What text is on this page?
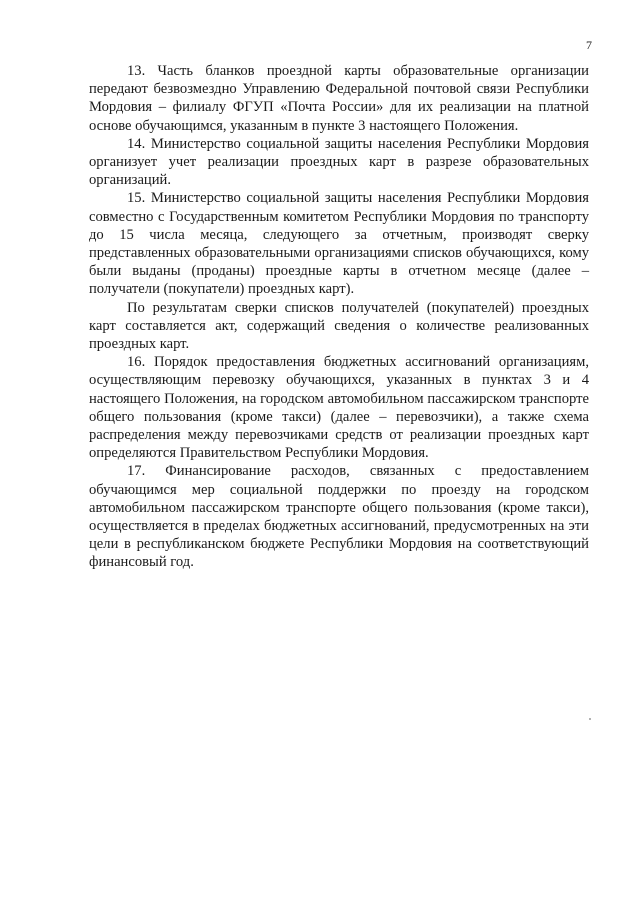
7

13. Часть бланков проездной карты образовательные организации передают безвозмездно Управлению Федеральной почтовой связи Республики Мордовия – филиалу ФГУП «Почта России» для их реализации на платной основе обучающимся, указанным в пункте 3 настоящего Положения.

14. Министерство социальной защиты населения Республики Мордовия организует учет реализации проездных карт в разрезе образовательных организаций.

15. Министерство социальной защиты населения Республики Мордовия совместно с Государственным комитетом Республики Мордовия по транспорту до 15 числа месяца, следующего за отчетным, производят сверку представленных образовательными организациями списков обучающихся, кому были выданы (проданы) проездные карты в отчетном месяце (далее – получатели (покупатели) проездных карт).

По результатам сверки списков получателей (покупателей) проездных карт составляется акт, содержащий сведения о количестве реализованных проездных карт.

16. Порядок предоставления бюджетных ассигнований организациям, осуществляющим перевозку обучающихся, указанных в пунктах 3 и 4 настоящего Положения, на городском автомобильном пассажирском транспорте общего пользования (кроме такси) (далее – перевозчики), а также схема распределения между перевозчиками средств от реализации проездных карт определяются Правительством Республики Мордовия.

17. Финансирование расходов, связанных с предоставлением обучающимся мер социальной поддержки по проезду на городском автомобильном пассажирском транспорте общего пользования (кроме такси), осуществляется в пределах бюджетных ассигнований, предусмотренных на эти цели в республиканском бюджете Республики Мордовия на соответствующий финансовый год.
